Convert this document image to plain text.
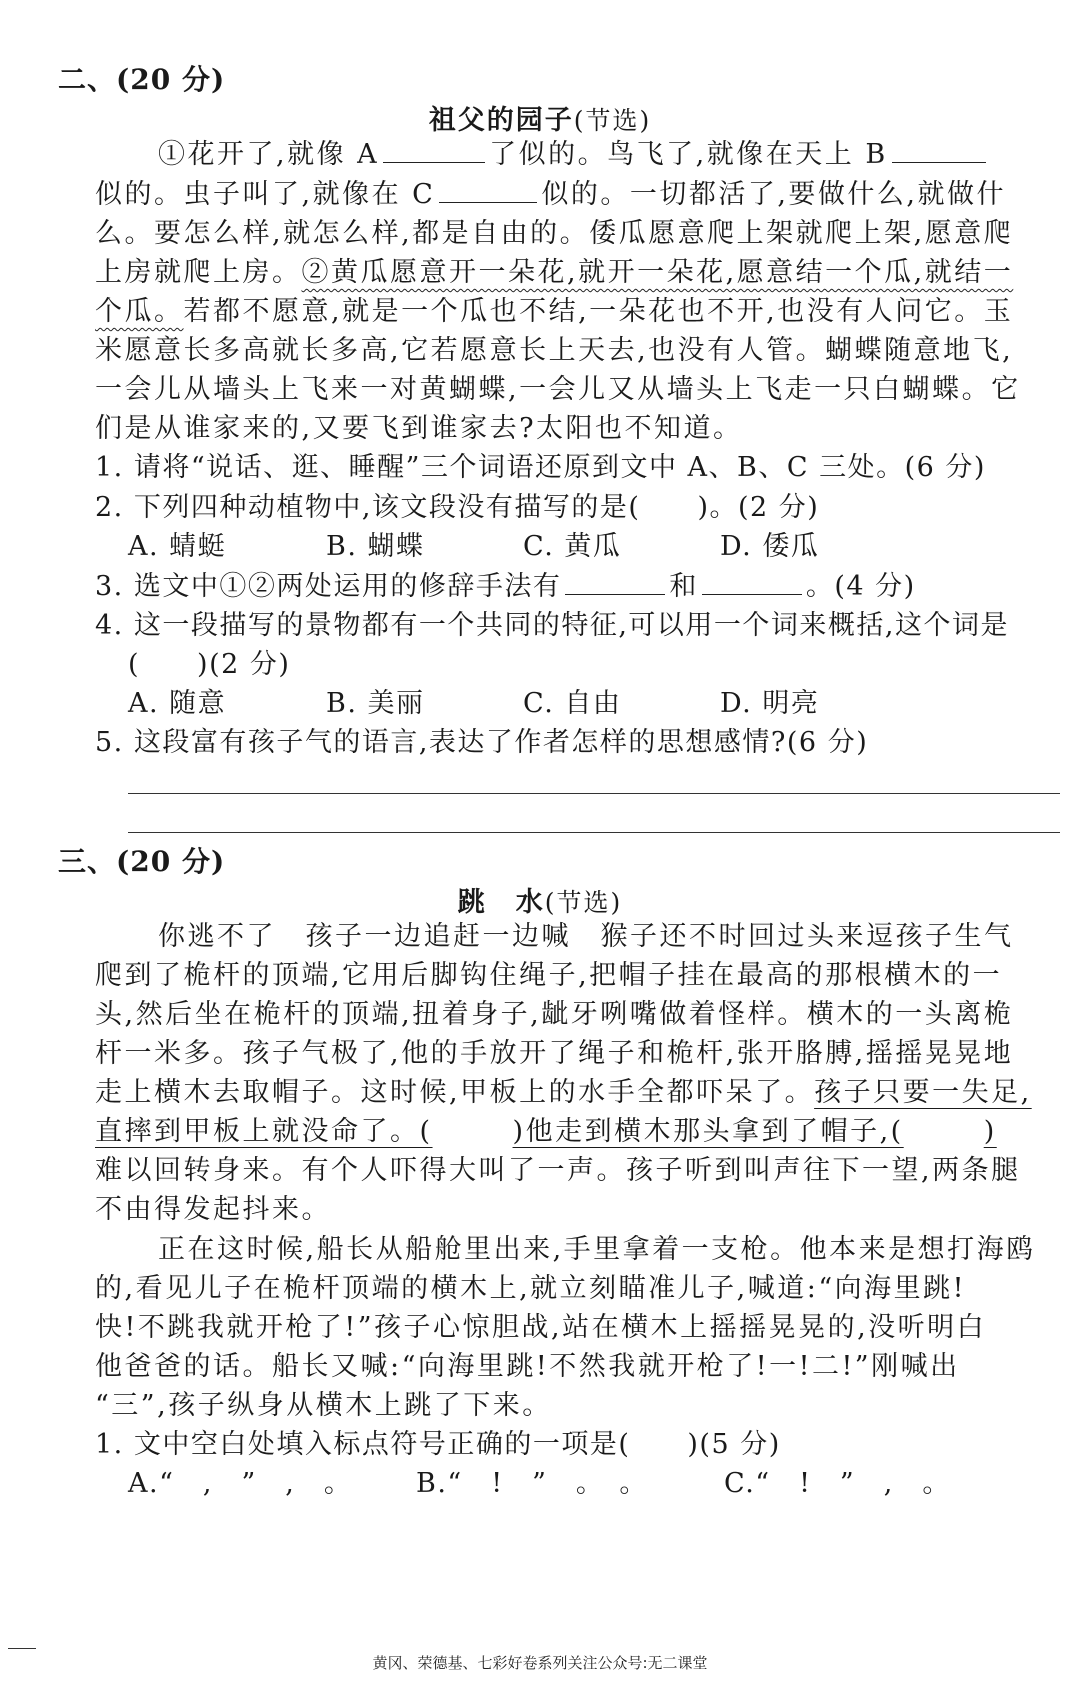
二、(20 分)
祖父的园子(节选)
①花开了,就像 A	了似的。鸟飞了,就像在天上 B
似的。虫子叫了,就像在 C	似的。一切都活了,要做什么,就做什
么。要怎么样,就怎么样,都是自由的。倭瓜愿意爬上架就爬上架,愿意爬
上房就爬上房。②黄瓜愿意开一朵花,就开一朵花,愿意结一个瓜,就结一
个瓜。若都不愿意,就是一个瓜也不结,一朵花也不开,也没有人问它。玉
米愿意长多高就长多高,它若愿意长上天去,也没有人管。蝴蝶随意地飞,
一会儿从墙头上飞来一对黄蝴蝶,一会儿又从墙头上飞走一只白蝴蝶。它
们是从谁家来的,又要飞到谁家去?太阳也不知道。
1. 请将“说话、逛、睡醒”三个词语还原到文中 A、B、C 三处。(6 分)
2. 下列四种动植物中,该文段没有描写的是(　　)。(2 分)
A. 蜻蜓	B. 蝴蝶	C. 黄瓜	D. 倭瓜
3. 选文中①②两处运用的修辞手法有	和	。(4 分)
4. 这一段描写的景物都有一个共同的特征,可以用一个词来概括,这个词是
(　　)(2 分)
A. 随意	B. 美丽	C. 自由	D. 明亮
5. 这段富有孩子气的语言,表达了作者怎样的思想感情?(6 分)
三、(20 分)
跳　水(节选)
你逃不了　孩子一边追赶一边喊　猴子还不时回过头来逗孩子生气
爬到了桅杆的顶端,它用后脚钩住绳子,把帽子挂在最高的那根横木的一
头,然后坐在桅杆的顶端,扭着身子,龇牙咧嘴做着怪样。横木的一头离桅
杆一米多。孩子气极了,他的手放开了绳子和桅杆,张开胳膊,摇摇晃晃地
走上横木去取帽子。这时候,甲板上的水手全都吓呆了。孩子只要一失足,
直摔到甲板上就没命了。(	)他走到横木那头拿到了帽子,(	)
难以回转身来。有个人吓得大叫了一声。孩子听到叫声往下一望,两条腿
不由得发起抖来。
正在这时候,船长从船舱里出来,手里拿着一支枪。他本来是想打海鸥
的,看见儿子在桅杆顶端的横木上,就立刻瞄准儿子,喊道:“向海里跳!
快!不跳我就开枪了!”孩子心惊胆战,站在横木上摇摇晃晃的,没听明白
他爸爸的话。船长又喊:“向海里跳!不然我就开枪了!一!二!”刚喊出
“三”,孩子纵身从横木上跳了下来。
1. 文中空白处填入标点符号正确的一项是(　　)(5 分)
A.“　,　”　,　。 B.“　!　”　。　。	C.“　!　”　,　。
黄冈、荣德基、七彩好卷系列关注公众号:无二课堂
